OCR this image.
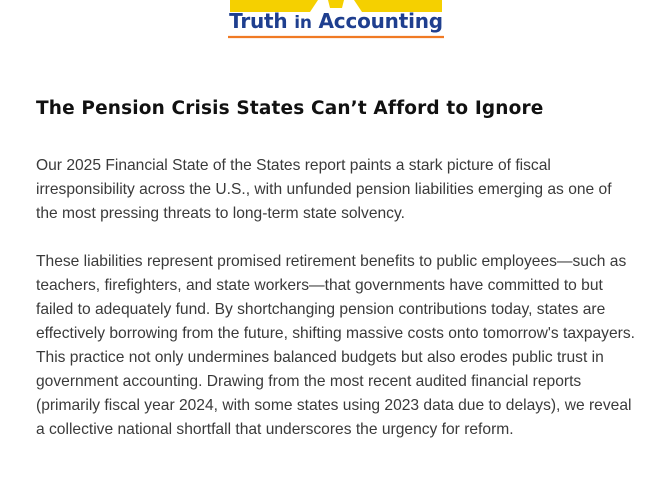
Truth in Accounting
The Pension Crisis States Can’t Afford to Ignore

Our 2025 Financial State of the States report paints a stark picture of fiscal irresponsibility across the U.S., with unfunded pension liabilities emerging as one of the most pressing threats to long-term state solvency.

These liabilities represent promised retirement benefits to public employees—such as teachers, firefighters, and state workers—that governments have committed to but failed to adequately fund. By shortchanging pension contributions today, states are effectively borrowing from the future, shifting massive costs onto tomorrow's taxpayers. This practice not only undermines balanced budgets but also erodes public trust in government accounting. Drawing from the most recent audited financial reports (primarily fiscal year 2024, with some states using 2023 data due to delays), we reveal a collective national shortfall that underscores the urgency for reform.
